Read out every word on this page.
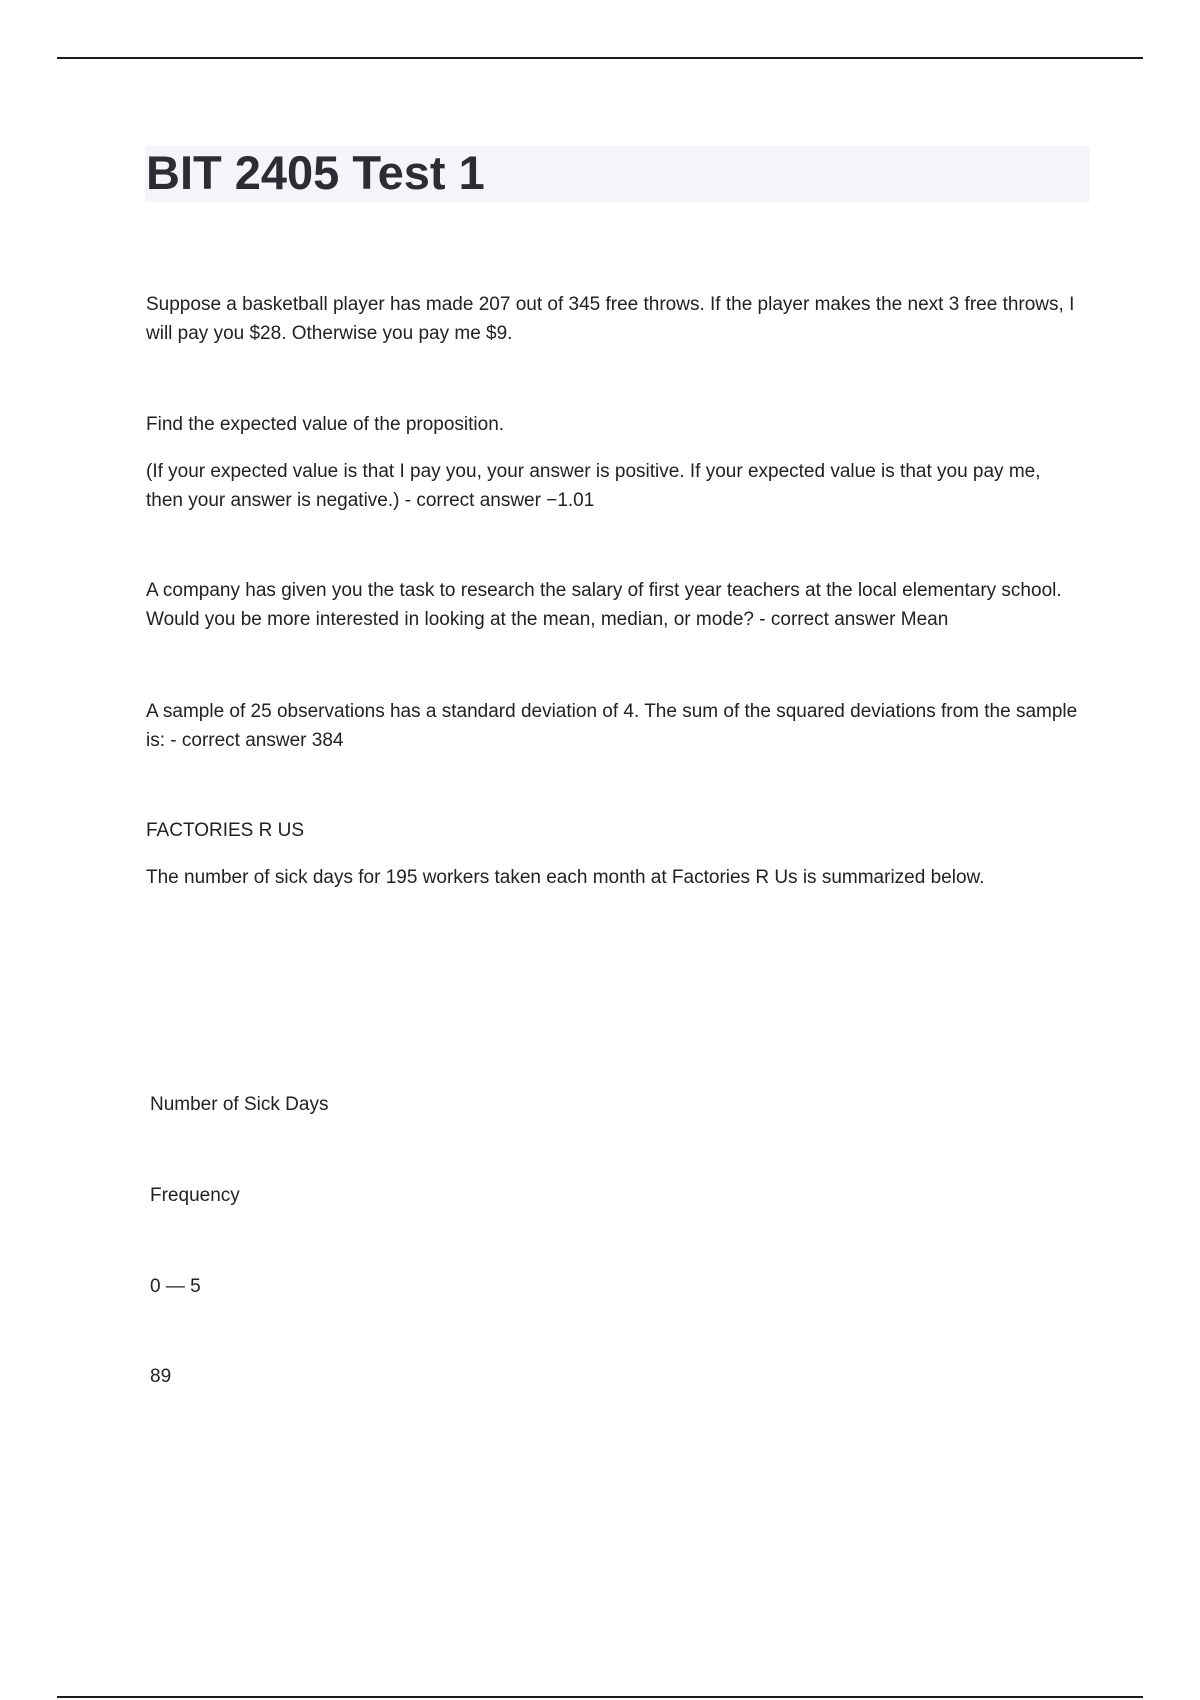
BIT 2405 Test 1

Suppose a basketball player has made 207 out of 345 free throws. If the player makes the next 3 free throws, I will pay you $28. Otherwise you pay me $9.

Find the expected value of the proposition.

(If your expected value is that I pay you, your answer is positive. If your expected value is that you pay me, then your answer is negative.) - correct answer −1.01

A company has given you the task to research the salary of first year teachers at the local elementary school. Would you be more interested in looking at the mean, median, or mode? - correct answer Mean

A sample of 25 observations has a standard deviation of 4. The sum of the squared deviations from the sample is: - correct answer 384

FACTORIES R US

The number of sick days for 195 workers taken each month at Factories R Us is summarized below.

Number of Sick Days

Frequency

0 — 5

89
